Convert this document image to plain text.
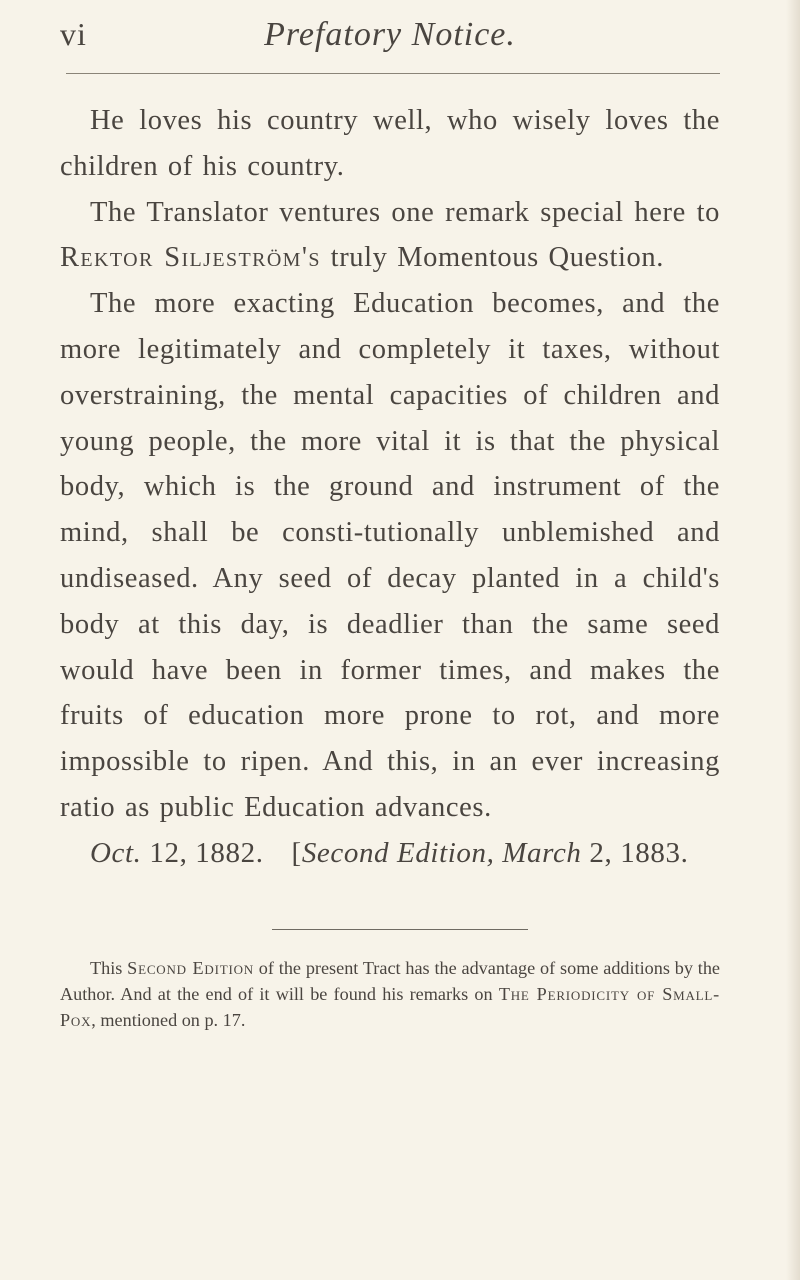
vi	Prefatory Notice.

He loves his country well, who wisely loves the children of his country.

The Translator ventures one remark special here to Rektor Siljeström's truly Momentous Question.

The more exacting Education becomes, and the more legitimately and completely it taxes, without overstraining, the mental capacities of children and young people, the more vital it is that the physical body, which is the ground and instrument of the mind, shall be consti-tutionally unblemished and undiseased. Any seed of decay planted in a child's body at this day, is deadlier than the same seed would have been in former times, and makes the fruits of education more prone to rot, and more impossible to ripen. And this, in an ever increasing ratio as public Education advances.

Oct. 12, 1882. [Second Edition, March 2, 1883.

This Second Edition of the present Tract has the advantage of some additions by the Author. And at the end of it will be found his remarks on The Periodicity of Small-Pox, mentioned on p. 17.
